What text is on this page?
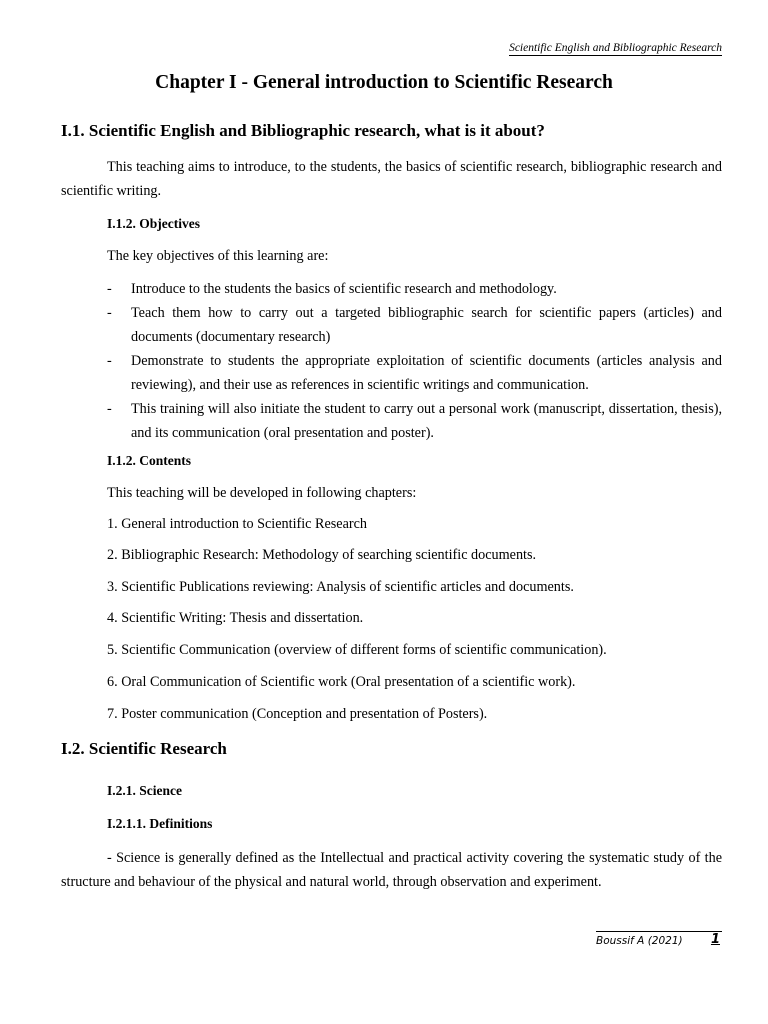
Scientific English and Bibliographic Research
Chapter I - General introduction to Scientific Research
I.1. Scientific English and Bibliographic research, what is it about?
This teaching aims to introduce, to the students, the basics of scientific research, bibliographic research and scientific writing.
I.1.2. Objectives
The key objectives of this learning are:
- Introduce to the students the basics of scientific research and methodology.
- Teach them how to carry out a targeted bibliographic search for scientific papers (articles) and documents (documentary research)
- Demonstrate to students the appropriate exploitation of scientific documents (articles analysis and reviewing), and their use as references in scientific writings and communication.
- This training will also initiate the student to carry out a personal work (manuscript, dissertation, thesis), and its communication (oral presentation and poster).
I.1.2. Contents
This teaching will be developed in following chapters:
1. General introduction to Scientific Research
2. Bibliographic Research: Methodology of searching scientific documents.
3. Scientific Publications reviewing: Analysis of scientific articles and documents.
4. Scientific Writing: Thesis and dissertation.
5. Scientific Communication (overview of different forms of scientific communication).
6. Oral Communication of Scientific work (Oral presentation of a scientific work).
7. Poster communication (Conception and presentation of Posters).
I.2. Scientific Research
I.2.1. Science
I.2.1.1. Definitions
- Science is generally defined as the Intellectual and practical activity covering the systematic study of the structure and behaviour of the physical and natural world, through observation and experiment.
Boussif A (2021) 1
